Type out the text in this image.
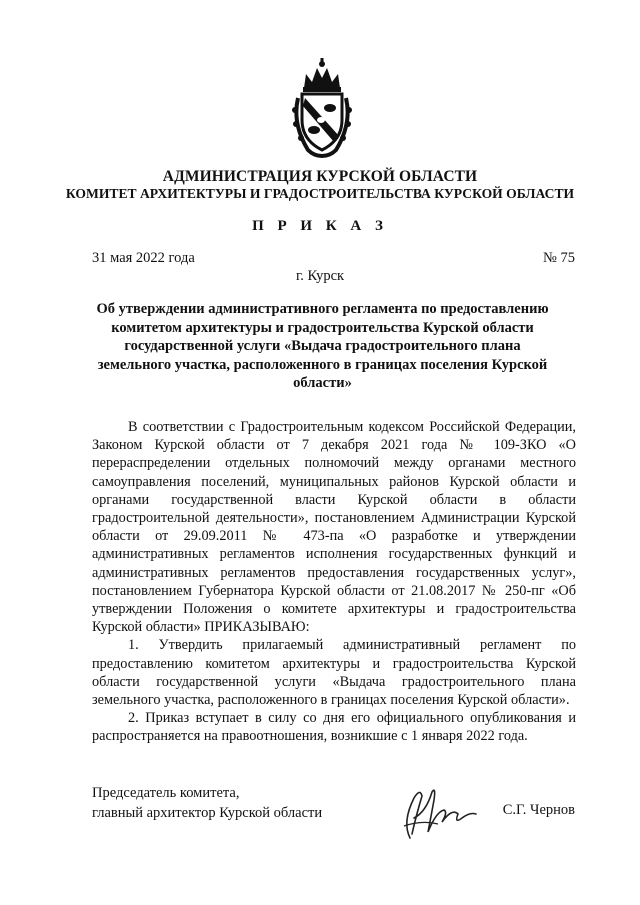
АДМИНИСТРАЦИЯ КУРСКОЙ ОБЛАСТИ
КОМИТЕТ АРХИТЕКТУРЫ И ГРАДОСТРОИТЕЛЬСТВА КУРСКОЙ ОБЛАСТИ
П Р И К А З
31 мая 2022 года	№ 75
г. Курск
Об утверждении административного регламента по предоставлению комитетом архитектуры и градостроительства Курской области государственной услуги «Выдача градостроительного плана земельного участка, расположенного в границах поселения Курской области»

В соответствии с Градостроительным кодексом Российской Федерации, Законом Курской области от 7 декабря 2021 года № 109-ЗКО «О перераспределении отдельных полномочий между органами местного самоуправления поселений, муниципальных районов Курской области и органами государственной власти Курской области в области градостроительной деятельности», постановлением Администрации Курской области от 29.09.2011 № 473-па «О разработке и утверждении административных регламентов исполнения государственных функций и административных регламентов предоставления государственных услуг», постановлением Губернатора Курской области от 21.08.2017 № 250-пг «Об утверждении Положения о комитете архитектуры и градостроительства Курской области» ПРИКАЗЫВАЮ:

1. Утвердить прилагаемый административный регламент по предоставлению комитетом архитектуры и градостроительства Курской области государственной услуги «Выдача градостроительного плана земельного участка, расположенного в границах поселения Курской области».

2. Приказ вступает в силу со дня его официального опубликования и распространяется на правоотношения, возникшие с 1 января 2022 года.

Председатель комитета,
главный архитектор Курской области	С.Г. Чернов
